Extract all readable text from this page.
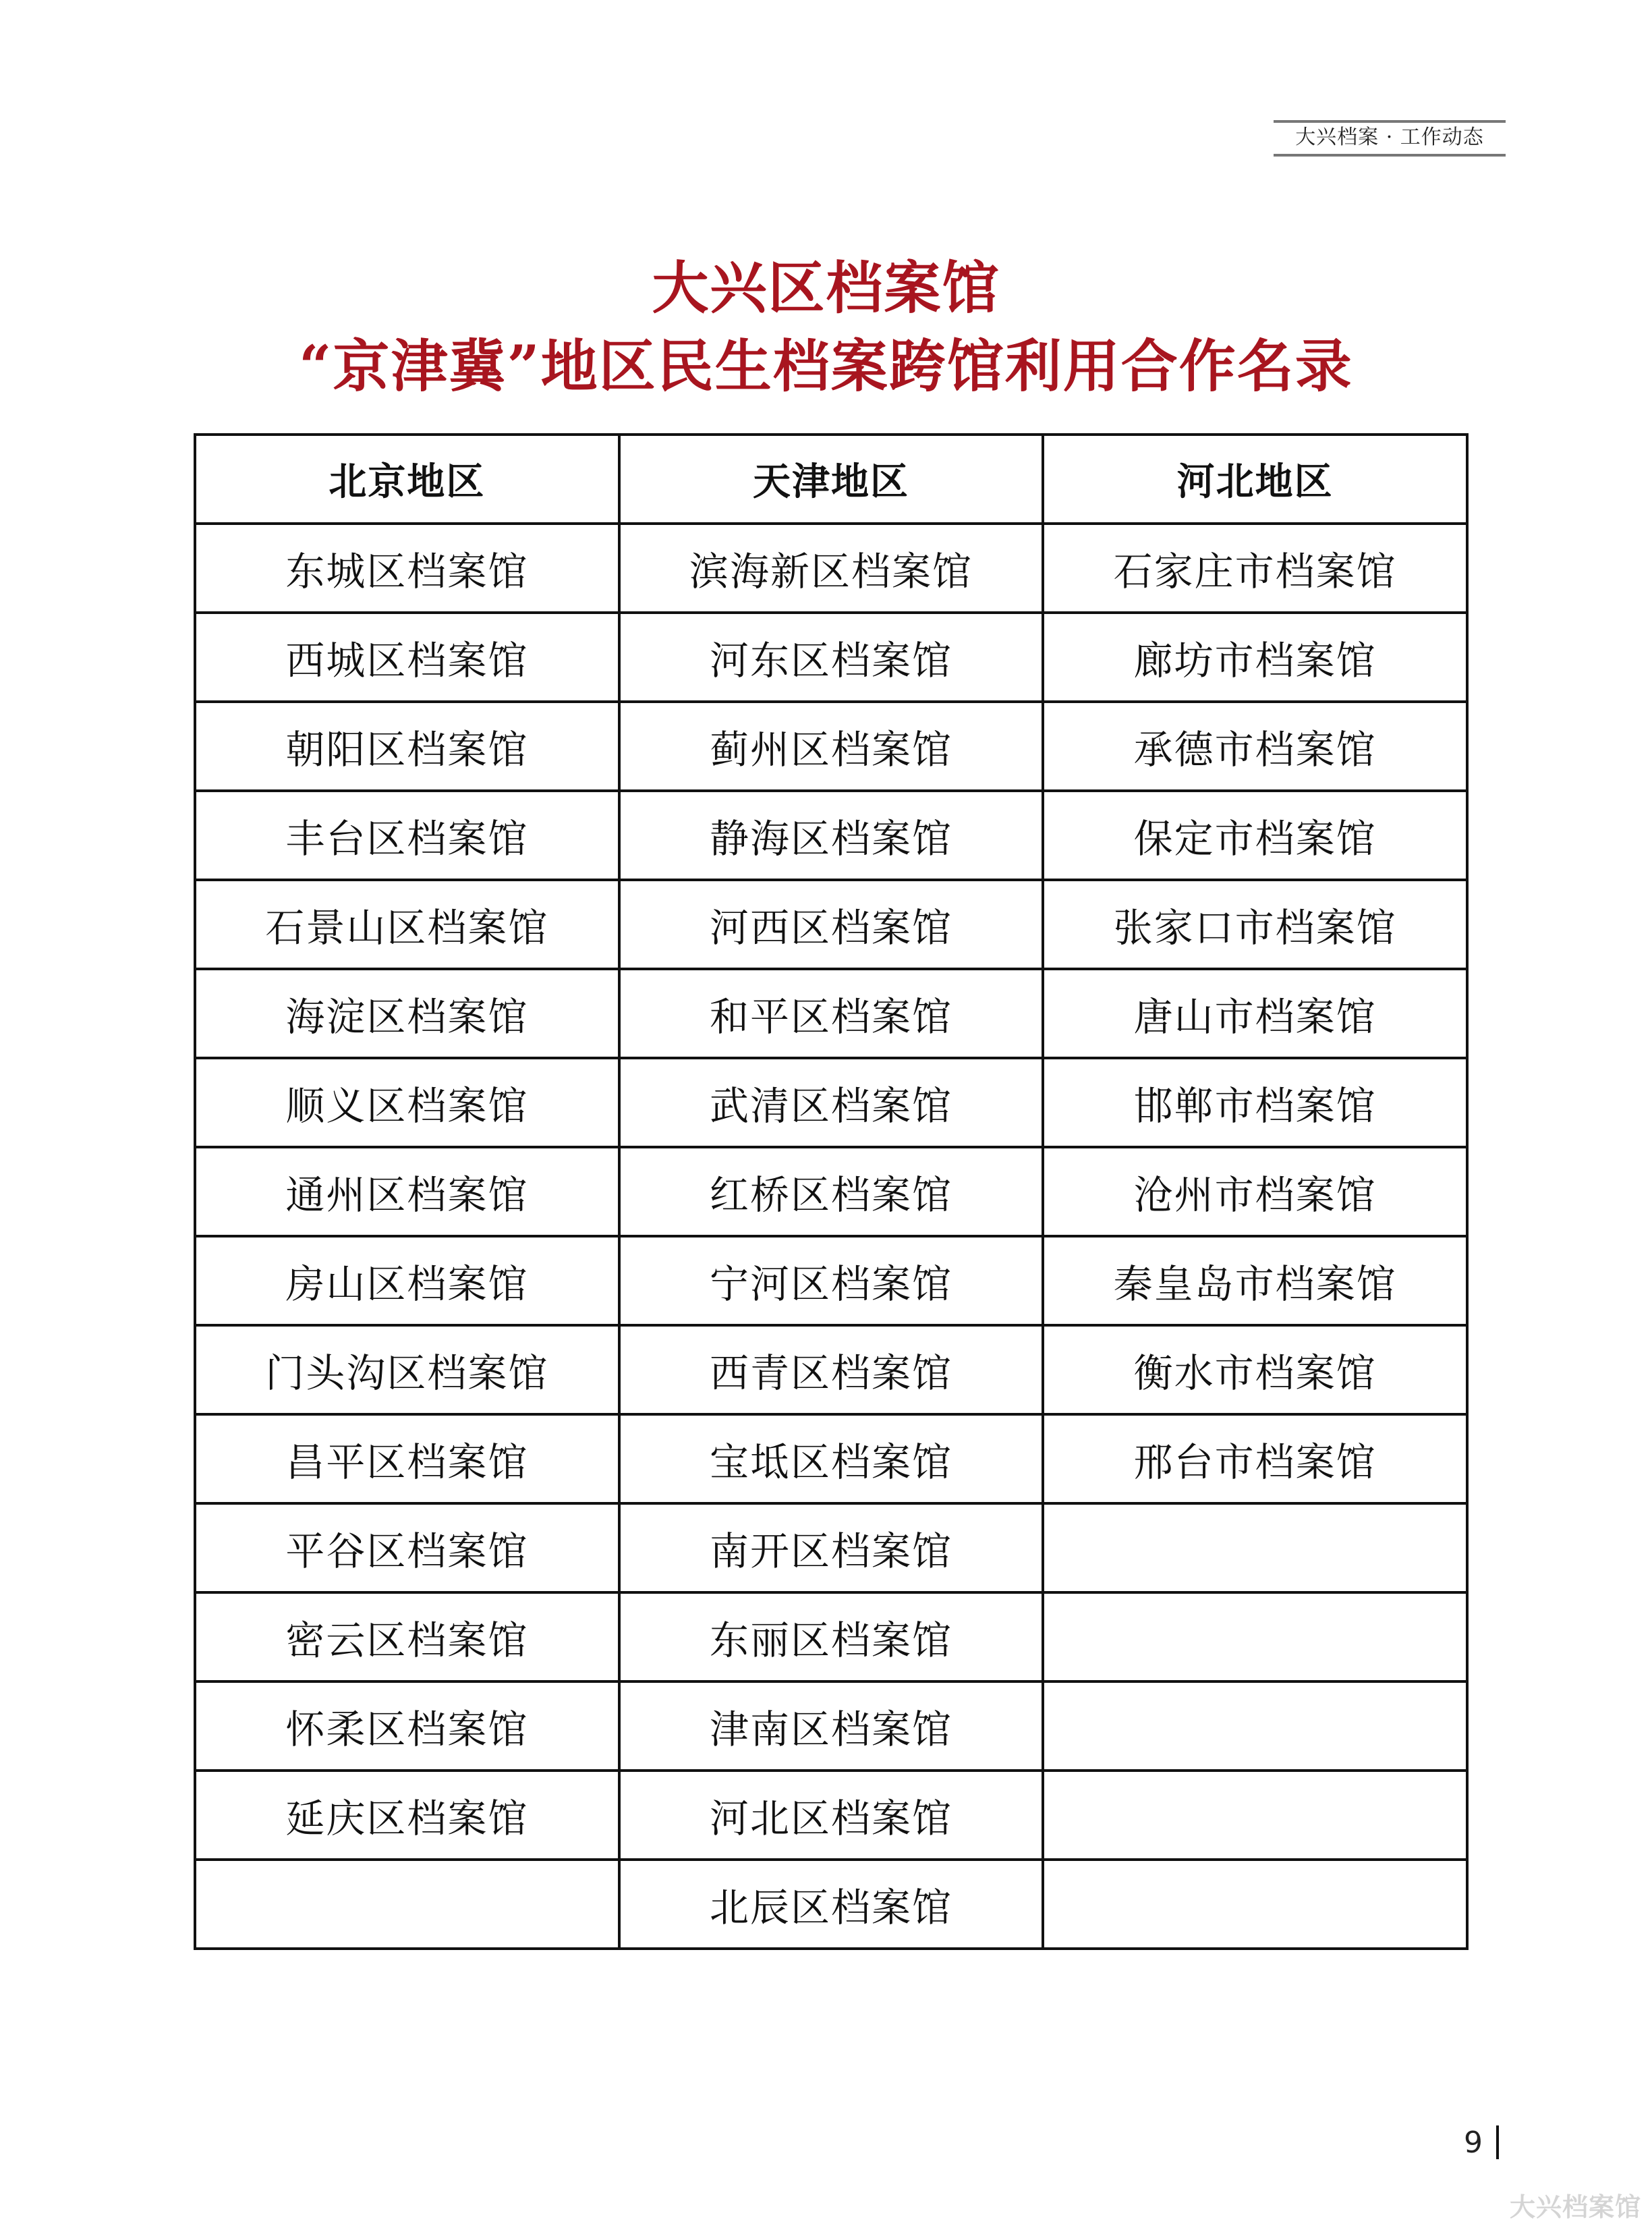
大兴档案 · 工作动态
大兴区档案馆
“京津冀”地区民生档案跨馆利用合作名录
北京地区	天津地区	河北地区
东城区档案馆	滨海新区档案馆	石家庄市档案馆
西城区档案馆	河东区档案馆	廊坊市档案馆
朝阳区档案馆	蓟州区档案馆	承德市档案馆
丰台区档案馆	静海区档案馆	保定市档案馆
石景山区档案馆	河西区档案馆	张家口市档案馆
海淀区档案馆	和平区档案馆	唐山市档案馆
顺义区档案馆	武清区档案馆	邯郸市档案馆
通州区档案馆	红桥区档案馆	沧州市档案馆
房山区档案馆	宁河区档案馆	秦皇岛市档案馆
门头沟区档案馆	西青区档案馆	衡水市档案馆
昌平区档案馆	宝坻区档案馆	邢台市档案馆
平谷区档案馆	南开区档案馆	
密云区档案馆	东丽区档案馆	
怀柔区档案馆	津南区档案馆	
延庆区档案馆	河北区档案馆	
	北辰区档案馆	
9
大兴档案馆
